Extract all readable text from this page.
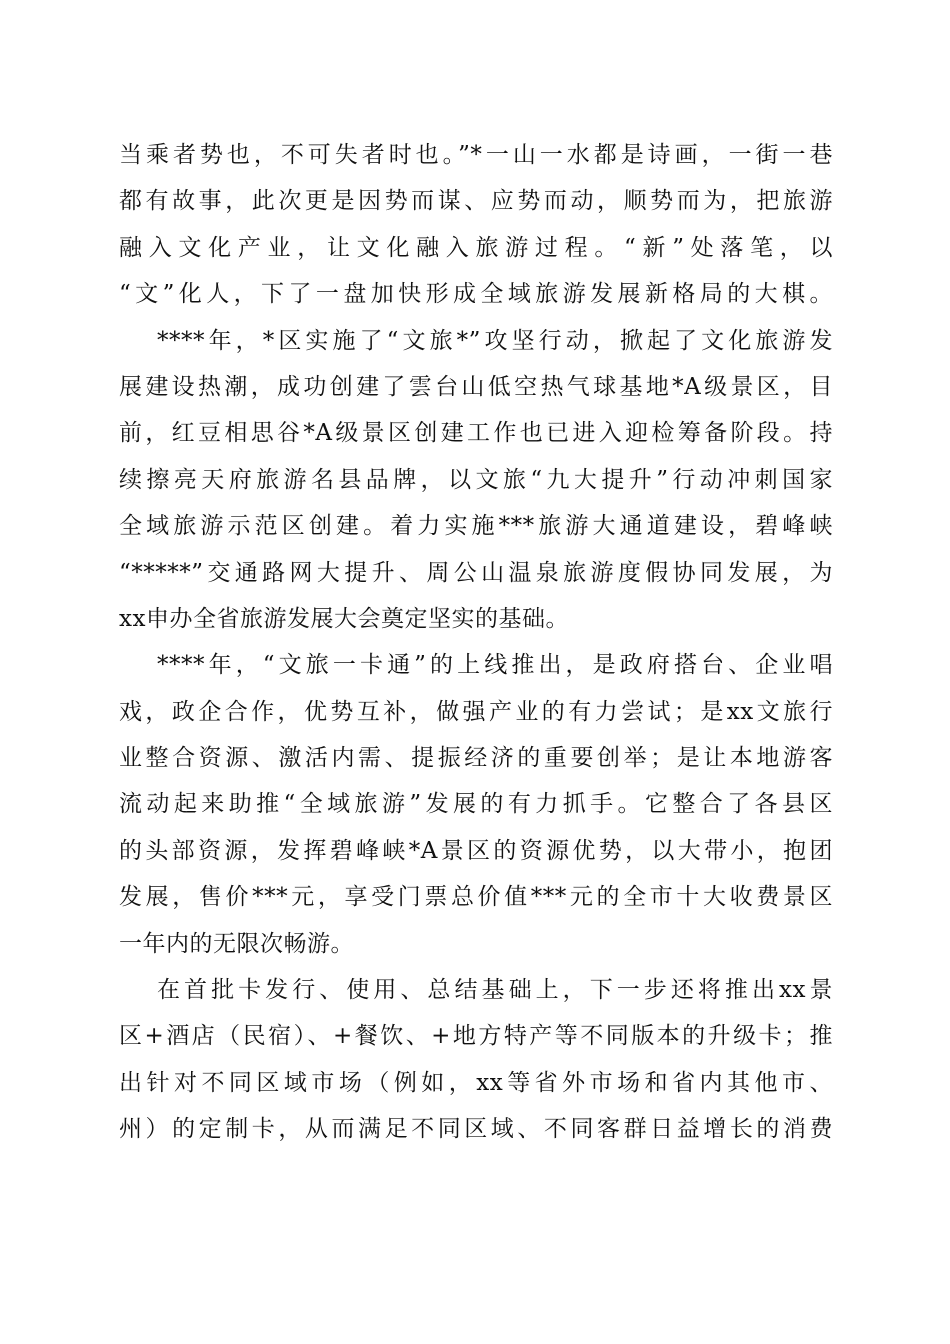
当乘者势也，不可失者时也。”*一山一水都是诗画，一街一巷
都有故事，此次更是因势而谋、应势而动，顺势而为，把旅游
融入文化产业，让文化融入旅游过程。“新”处落笔，以
“文”化人，下了一盘加快形成全域旅游发展新格局的大棋。
****年，*区实施了“文旅*”攻坚行动，掀起了文化旅游发
展建设热潮，成功创建了雲台山低空热气球基地*A级景区，目
前，红豆相思谷*A级景区创建工作也已进入迎检筹备阶段。持
续擦亮天府旅游名县品牌，以文旅“九大提升”行动冲刺国家
全域旅游示范区创建。着力实施***旅游大通道建设，碧峰峡
“*****”交通路网大提升、周公山温泉旅游度假协同发展，为
xx申办全省旅游发展大会奠定坚实的基础。
****年，“文旅一卡通”的上线推出，是政府搭台、企业唱
戏，政企合作，优势互补，做强产业的有力尝试；是xx文旅行
业整合资源、激活内需、提振经济的重要创举；是让本地游客
流动起来助推“全域旅游”发展的有力抓手。它整合了各县区
的头部资源，发挥碧峰峡*A景区的资源优势，以大带小，抱团
发展，售价***元，享受门票总价值***元的全市十大收费景区
一年内的无限次畅游。
在首批卡发行、使用、总结基础上，下一步还将推出xx景
区+酒店（民宿）、+餐饮、+地方特产等不同版本的升级卡；推
出针对不同区域市场（例如，xx等省外市场和省内其他市、
州）的定制卡，从而满足不同区域、不同客群日益增长的消费
